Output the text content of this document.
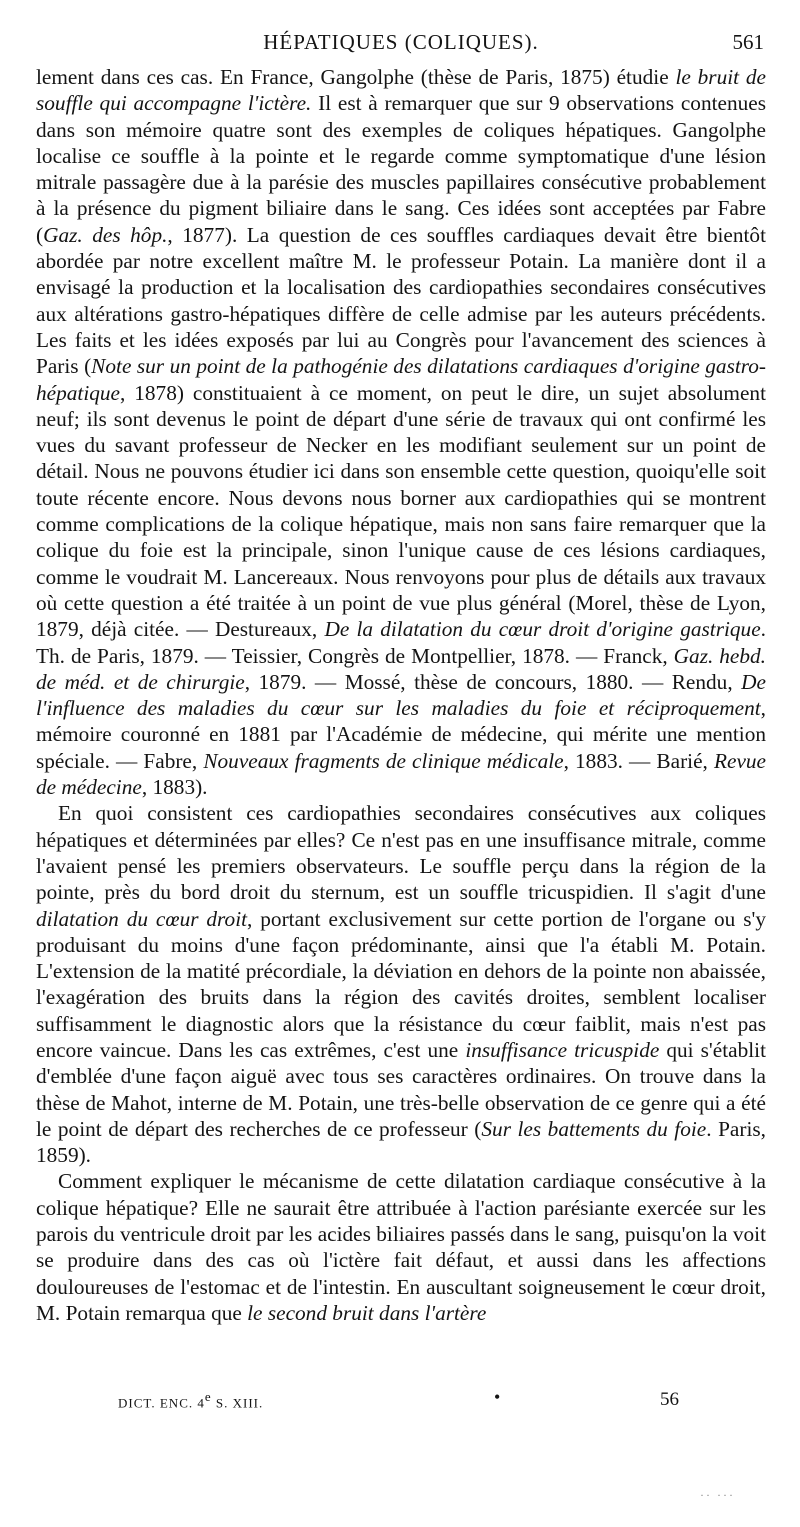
HÉPATIQUES (COLIQUES).	561

lement dans ces cas. En France, Gangolphe (thèse de Paris, 1875) étudie le bruit de souffle qui accompagne l'ictère. Il est à remarquer que sur 9 observations contenues dans son mémoire quatre sont des exemples de coliques hépatiques. Gangolphe localise ce souffle à la pointe et le regarde comme symptomatique d'une lésion mitrale passagère due à la parésie des muscles papillaires consécutive probablement à la présence du pigment biliaire dans le sang. Ces idées sont acceptées par Fabre (Gaz. des hôp., 1877). La question de ces souffles cardiaques devait être bientôt abordée par notre excellent maître M. le professeur Potain. La manière dont il a envisagé la production et la localisation des cardiopathies secondaires consécutives aux altérations gastro-hépatiques diffère de celle admise par les auteurs précédents. Les faits et les idées exposés par lui au Congrès pour l'avancement des sciences à Paris (Note sur un point de la pathogénie des dilatations cardiaques d'origine gastro-hépatique, 1878) constituaient à ce moment, on peut le dire, un sujet absolument neuf; ils sont devenus le point de départ d'une série de travaux qui ont confirmé les vues du savant professeur de Necker en les modifiant seulement sur un point de détail. Nous ne pouvons étudier ici dans son ensemble cette question, quoiqu'elle soit toute récente encore. Nous devons nous borner aux cardiopathies qui se montrent comme complications de la colique hépatique, mais non sans faire remarquer que la colique du foie est la principale, sinon l'unique cause de ces lésions cardiaques, comme le voudrait M. Lancereaux. Nous renvoyons pour plus de détails aux travaux où cette question a été traitée à un point de vue plus général (Morel, thèse de Lyon, 1879, déjà citée. — Destureaux, De la dilatation du cœur droit d'origine gastrique. Th. de Paris, 1879. — Teissier, Congrès de Montpellier, 1878. — Franck, Gaz. hebd. de méd. et de chirurgie, 1879. — Mossé, thèse de concours, 1880. — Rendu, De l'influence des maladies du cœur sur les maladies du foie et réciproquement, mémoire couronné en 1881 par l'Académie de médecine, qui mérite une mention spéciale. — Fabre, Nouveaux fragments de clinique médicale, 1883. — Barié, Revue de médecine, 1883).

En quoi consistent ces cardiopathies secondaires consécutives aux coliques hépatiques et déterminées par elles? Ce n'est pas en une insuffisance mitrale, comme l'avaient pensé les premiers observateurs. Le souffle perçu dans la région de la pointe, près du bord droit du sternum, est un souffle tricuspidien. Il s'agit d'une dilatation du cœur droit, portant exclusivement sur cette portion de l'organe ou s'y produisant du moins d'une façon prédominante, ainsi que l'a établi M. Potain. L'extension de la matité précordiale, la déviation en dehors de la pointe non abaissée, l'exagération des bruits dans la région des cavités droites, semblent localiser suffisamment le diagnostic alors que la résistance du cœur faiblit, mais n'est pas encore vaincue. Dans les cas extrêmes, c'est une insuffisance tricuspide qui s'établit d'emblée d'une façon aiguë avec tous ses caractères ordinaires. On trouve dans la thèse de Mahot, interne de M. Potain, une très-belle observation de ce genre qui a été le point de départ des recherches de ce professeur (Sur les battements du foie. Paris, 1859).

Comment expliquer le mécanisme de cette dilatation cardiaque consécutive à la colique hépatique? Elle ne saurait être attribuée à l'action parésiante exercée sur les parois du ventricule droit par les acides biliaires passés dans le sang, puisqu'on la voit se produire dans des cas où l'ictère fait défaut, et aussi dans les affections douloureuses de l'estomac et de l'intestin. En auscultant soigneusement le cœur droit, M. Potain remarqua que le second bruit dans l'artère

DICT. ENC. 4e S. XIII.	•	56
·· ···
